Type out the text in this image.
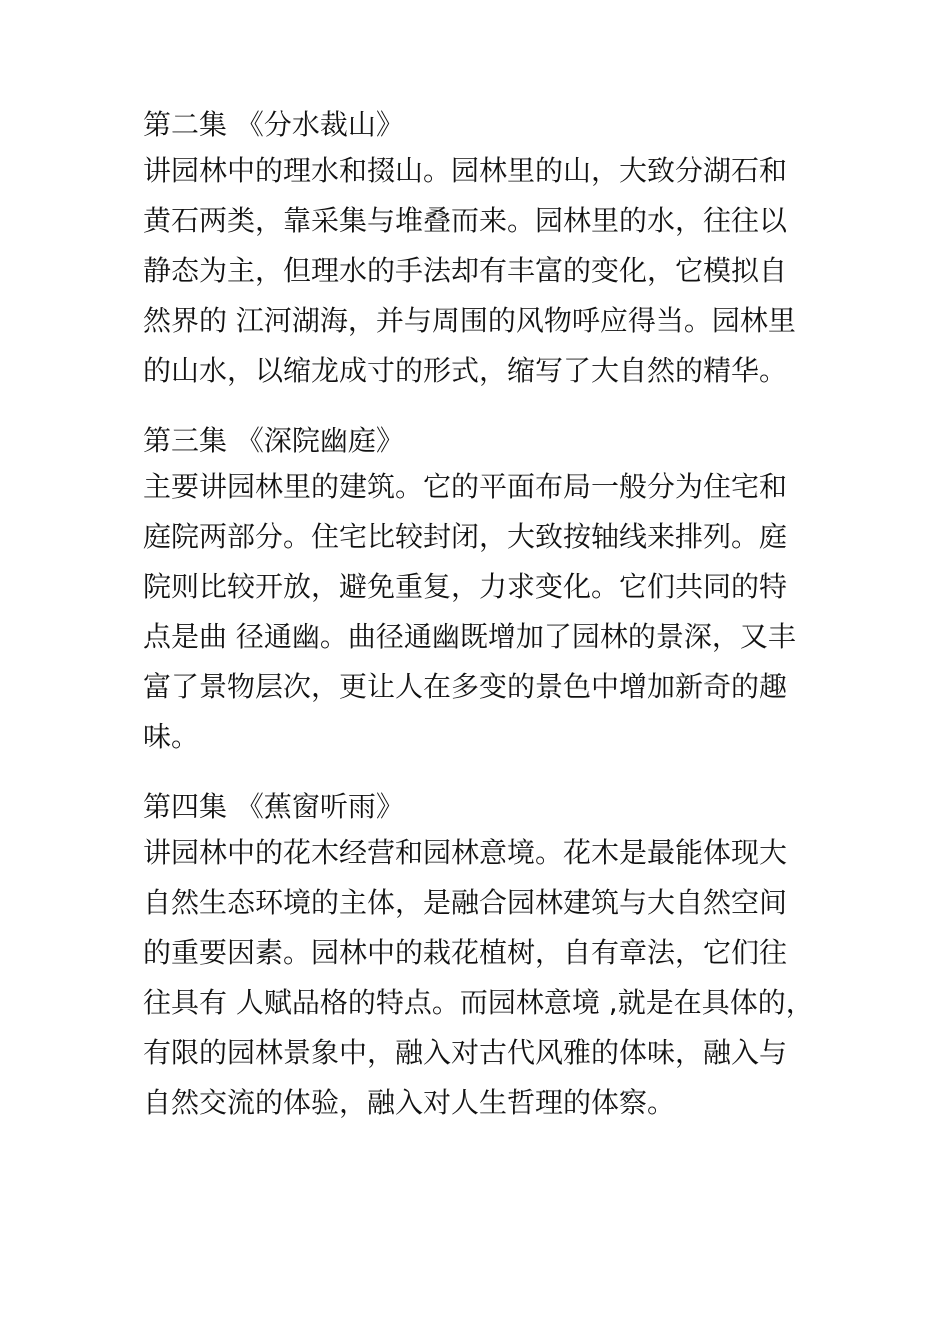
第二集 《分水裁山》

讲园林中的理水和掇山。园林里的山，大致分湖石和

黄石两类，靠采集与堆叠而来。园林里的水，往往以

静态为主，但理水的手法却有丰富的变化，它模拟自

然界的 江河湖海，并与周围的风物呼应得当。园林里

的山水，以缩龙成寸的形式，缩写了大自然的精华。

第三集 《深院幽庭》

主要讲园林里的建筑。它的平面布局一般分为住宅和

庭院两部分。住宅比较封闭，大致按轴线来排列。庭

院则比较开放，避免重复，力求变化。它们共同的特

点是曲 径通幽。曲径通幽既增加了园林的景深，又丰

富了景物层次，更让人在多变的景色中增加新奇的趣

味。

第四集 《蕉窗听雨》

讲园林中的花木经营和园林意境。花木是最能体现大

自然生态环境的主体，是融合园林建筑与大自然空间

的重要因素。园林中的栽花植树，自有章法，它们往

往具有 人赋品格的特点。而园林意境 ,就是在具体的，

有限的园林景象中，融入对古代风雅的体味，融入与

自然交流的体验，融入对人生哲理的体察。
